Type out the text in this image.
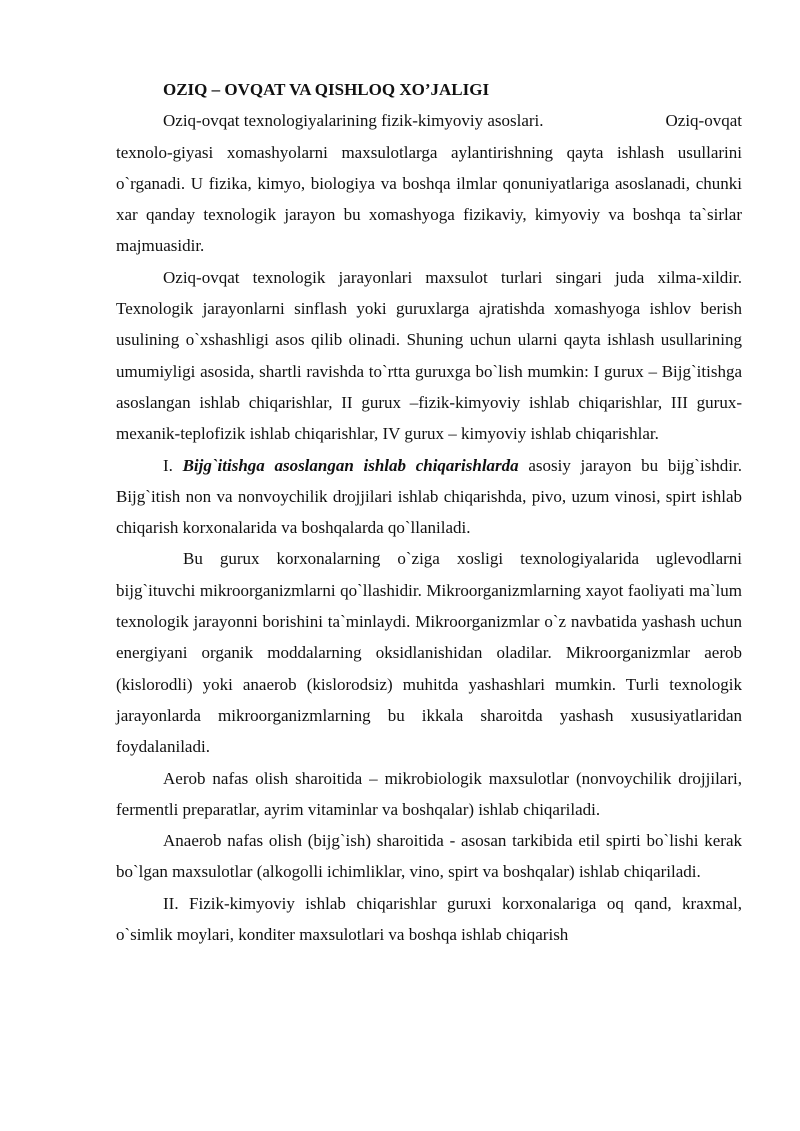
OZIQ – OVQAT VA QISHLOQ XO’JALIGI

Oziq-ovqat texnologiyalarining fizik-kimyoviy asoslari.	Oziq-ovqat

texnolo-giyasi xomashyolarni maxsulotlarga aylantirishning qayta ishlash usullarini o`rganadi. U fizika, kimyo, biologiya va boshqa ilmlar qonuniyatlariga asoslanadi, chunki xar qanday texnologik jarayon bu xomashyoga fizikaviy, kimyoviy va boshqa ta`sirlar majmuasidir.

Oziq-ovqat texnologik jarayonlari maxsulot turlari singari juda xilma-xildir. Texnologik jarayonlarni sinflash yoki guruxlarga ajratishda xomashyoga ishlov berish usulining o`xshashligi asos qilib olinadi. Shuning uchun ularni qayta ishlash usullarining umumiyligi asosida, shartli ravishda to`rtta guruxga bo`lish mumkin: I gurux – Bijg`itishga asoslangan ishlab chiqarishlar, II gurux –fizik-kimyoviy ishlab chiqarishlar, III gurux- mexanik-teplofizik ishlab chiqarishlar, IV gurux – kimyoviy ishlab chiqarishlar.

I. Bijg`itishga asoslangan ishlab chiqarishlarda asosiy jarayon bu bijg`ishdir. Bijg`itish non va nonvoychilik drojjilari ishlab chiqarishda, pivo, uzum vinosi, spirt ishlab chiqarish korxonalarida va boshqalarda qo`llaniladi.

Bu gurux korxonalarning o`ziga xosligi texnologiyalarida uglevodlarni bijg`ituvchi mikroorganizmlarni qo`llashidir. Mikroorganizmlarning xayot faoliyati ma`lum texnologik jarayonni borishini ta`minlaydi. Mikroorganizmlar o`z navbatida yashash uchun energiyani organik moddalarning oksidlanishidan oladilar. Mikroorganizmlar aerob (kislorodli) yoki anaerob (kislorodsiz) muhitda yashashlari mumkin. Turli texnologik jarayonlarda mikroorganizmlarning bu ikkala sharoitda yashash xususiyatlaridan foydalaniladi.

Aerob nafas olish sharoitida – mikrobiologik maxsulotlar (nonvoychilik drojjilari, fermentli preparatlar, ayrim vitaminlar va boshqalar) ishlab chiqariladi.

Anaerob nafas olish (bijg`ish) sharoitida - asosan tarkibida etil spirti bo`lishi kerak bo`lgan maxsulotlar (alkogolli ichimliklar, vino, spirt va boshqalar) ishlab chiqariladi.

II. Fizik-kimyoviy ishlab chiqarishlar guruxi korxonalariga oq qand, kraxmal, o`simlik moylari, konditer maxsulotlari va boshqa ishlab chiqarish
